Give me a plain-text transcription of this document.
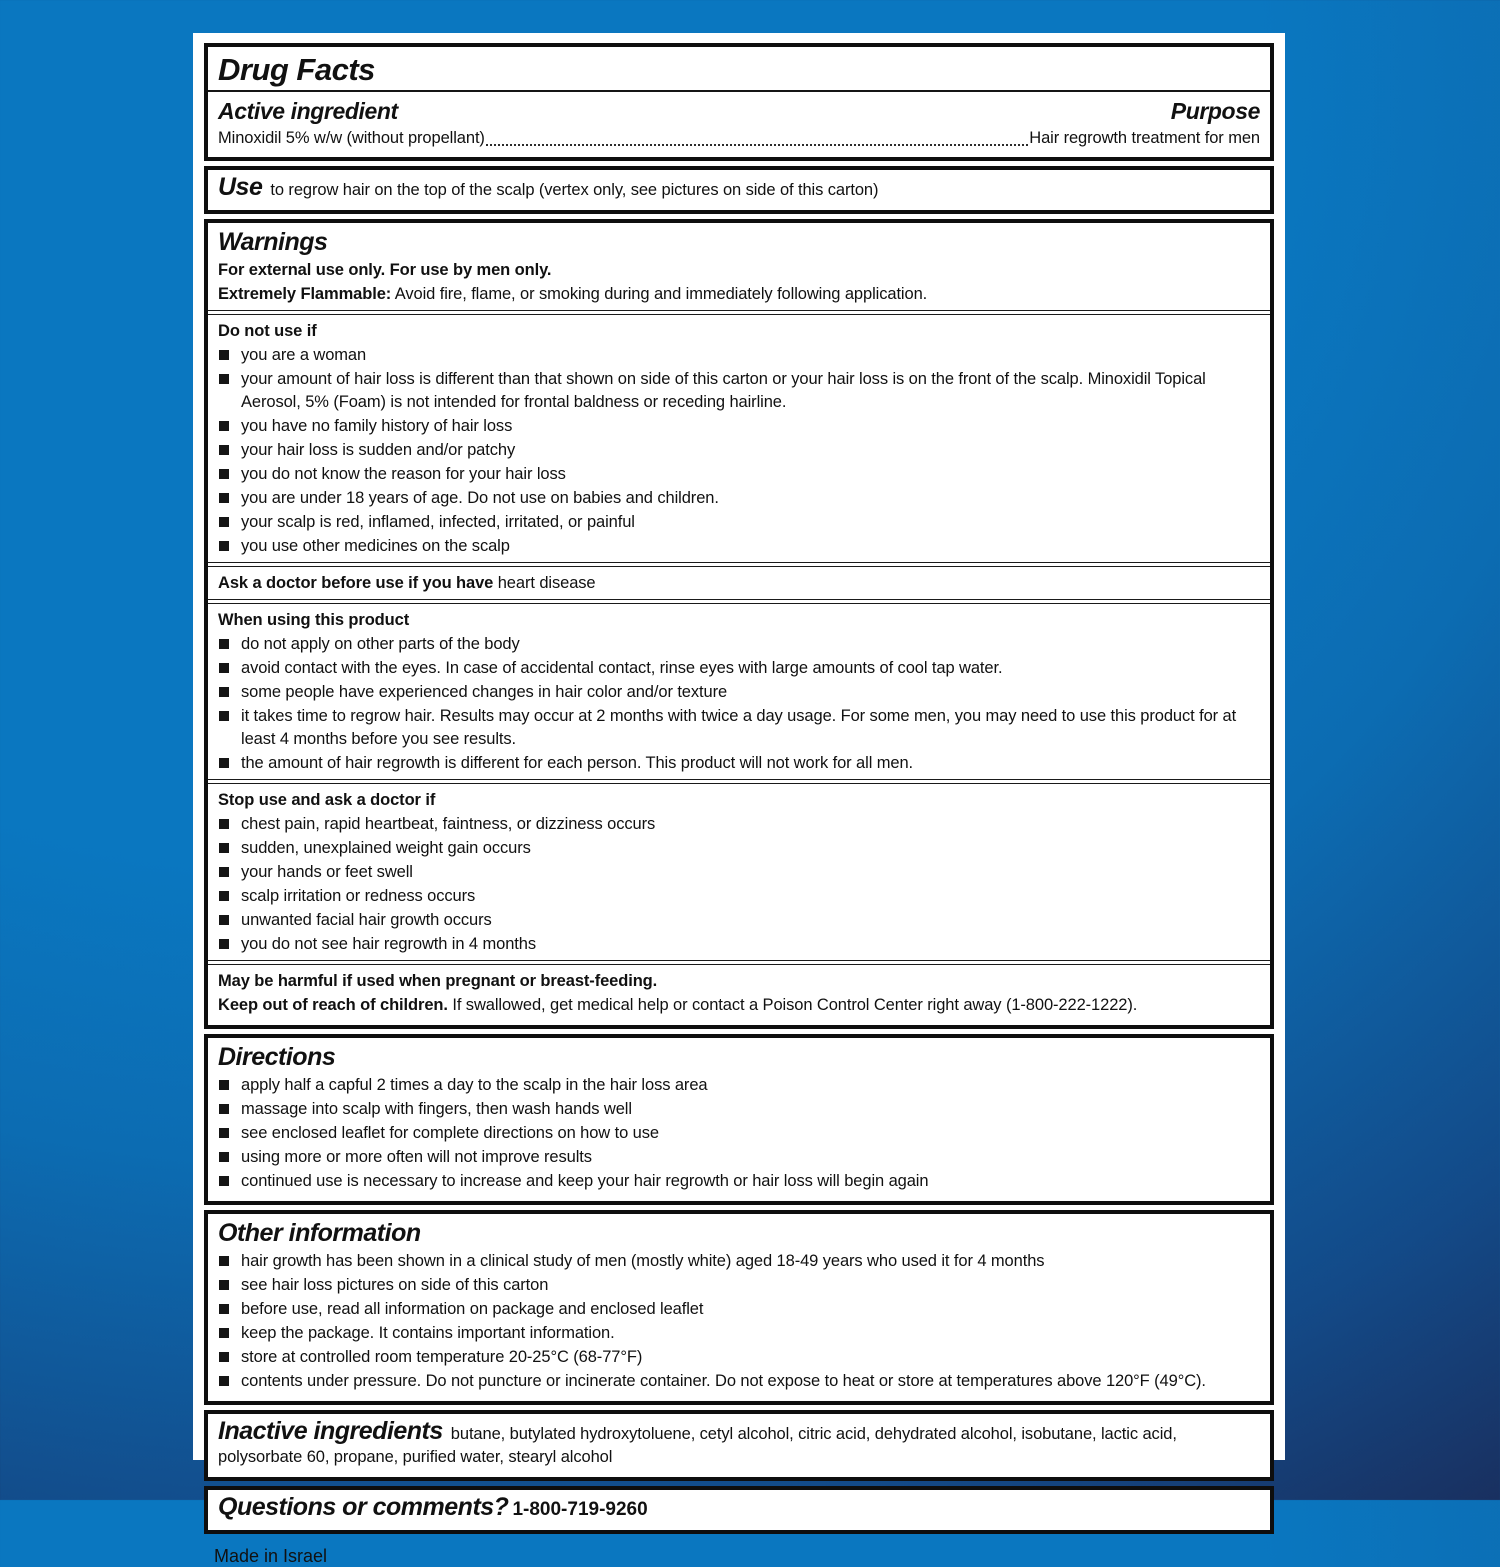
Drug Facts
Active ingredient	Purpose
Minoxidil 5% w/w (without propellant)	Hair regrowth treatment for men

Use to regrow hair on the top of the scalp (vertex only, see pictures on side of this carton)

Warnings

For external use only. For use by men only.

Extremely Flammable: Avoid fire, flame, or smoking during and immediately following application.

Do not use if

you are a woman
your amount of hair loss is different than that shown on side of this carton or your hair loss is on the front of the scalp. Minoxidil Topical Aerosol, 5% (Foam) is not intended for frontal baldness or receding hairline.
you have no family history of hair loss
your hair loss is sudden and/or patchy
you do not know the reason for your hair loss
you are under 18 years of age. Do not use on babies and children.
your scalp is red, inflamed, infected, irritated, or painful
you use other medicines on the scalp

Ask a doctor before use if you have heart disease

When using this product

do not apply on other parts of the body
avoid contact with the eyes. In case of accidental contact, rinse eyes with large amounts of cool tap water.
some people have experienced changes in hair color and/or texture
it takes time to regrow hair. Results may occur at 2 months with twice a day usage. For some men, you may need to use this product for at least 4 months before you see results.
the amount of hair regrowth is different for each person. This product will not work for all men.

Stop use and ask a doctor if

chest pain, rapid heartbeat, faintness, or dizziness occurs
sudden, unexplained weight gain occurs
your hands or feet swell
scalp irritation or redness occurs
unwanted facial hair growth occurs
you do not see hair regrowth in 4 months

May be harmful if used when pregnant or breast-feeding.

Keep out of reach of children. If swallowed, get medical help or contact a Poison Control Center right away (1-800-222-1222).

Directions
apply half a capful 2 times a day to the scalp in the hair loss area
massage into scalp with fingers, then wash hands well
see enclosed leaflet for complete directions on how to use
using more or more often will not improve results
continued use is necessary to increase and keep your hair regrowth or hair loss will begin again
Other information
hair growth has been shown in a clinical study of men (mostly white) aged 18-49 years who used it for 4 months
see hair loss pictures on side of this carton
before use, read all information on package and enclosed leaflet
keep the package. It contains important information.
store at controlled room temperature 20-25°C (68-77°F)
contents under pressure. Do not puncture or incinerate container. Do not expose to heat or store at temperatures above 120°F (49°C).

Inactive ingredients butane, butylated hydroxytoluene, cetyl alcohol, citric acid, dehydrated alcohol, isobutane, lactic acid, polysorbate 60, propane, purified water, stearyl alcohol

Questions or comments? 1-800-719-9260

Made in Israel
